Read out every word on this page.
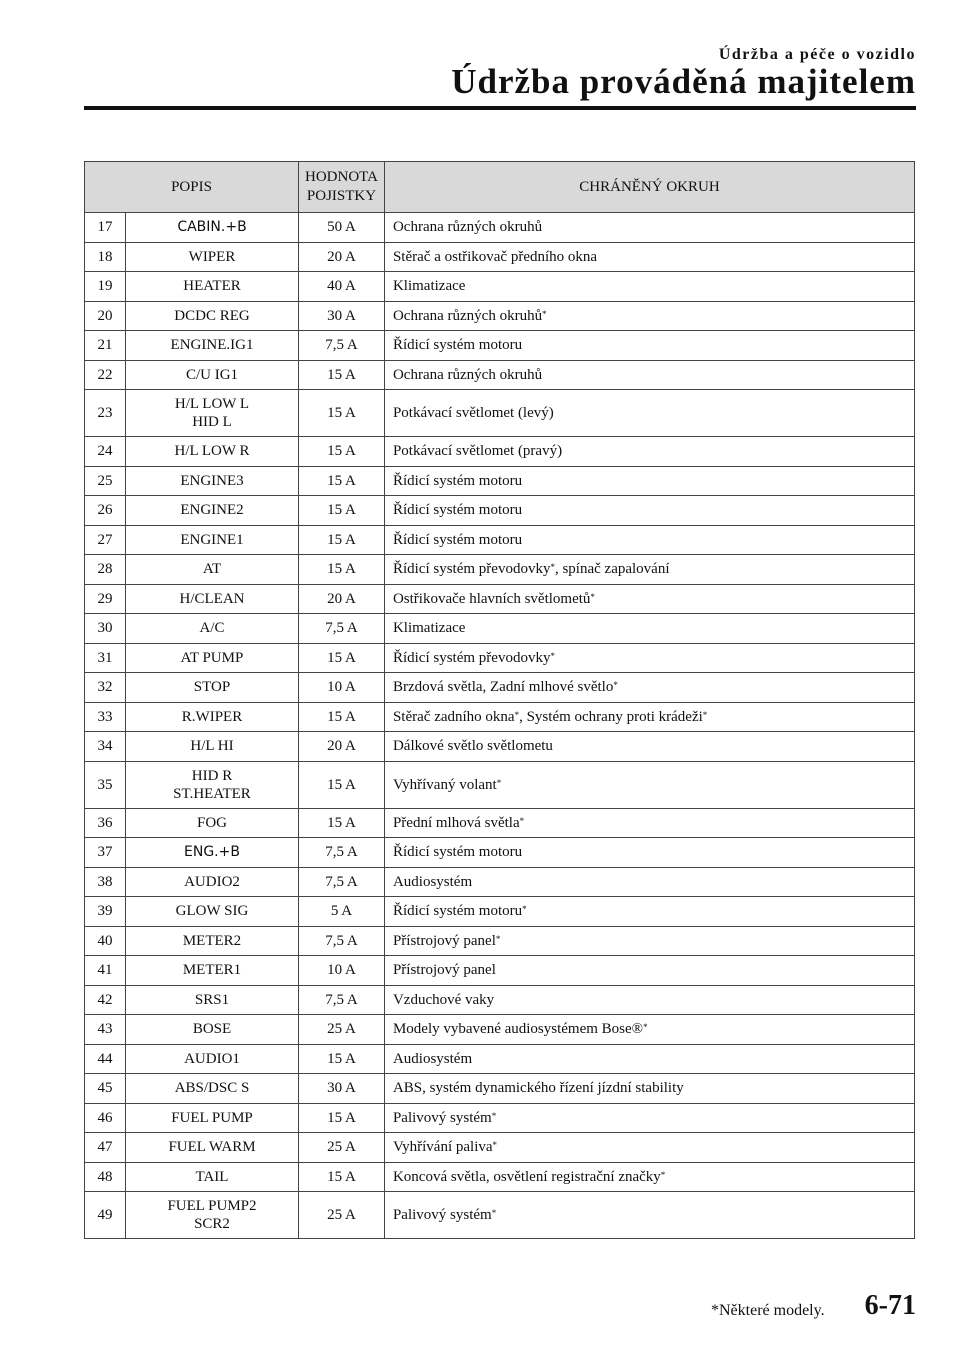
Údržba a péče o vozidlo
Údržba prováděná majitelem
POPIS		HODNOTA
POJISTKY	CHRÁNĚNÝ OKRUH
17	CABIN.+B	50 A	Ochrana různých okruhů
18	WIPER	20 A	Stěrač a ostřikovač předního okna
19	HEATER	40 A	Klimatizace
20	DCDC REG	30 A	Ochrana různých okruhů*
21	ENGINE.IG1	7,5 A	Řídicí systém motoru
22	C/U IG1	15 A	Ochrana různých okruhů
23	H/L LOW L
HID L	15 A	Potkávací světlomet (levý)
24	H/L LOW R	15 A	Potkávací světlomet (pravý)
25	ENGINE3	15 A	Řídicí systém motoru
26	ENGINE2	15 A	Řídicí systém motoru
27	ENGINE1	15 A	Řídicí systém motoru
28	AT	15 A	Řídicí systém převodovky*, spínač zapalování
29	H/CLEAN	20 A	Ostřikovače hlavních světlometů*
30	A/C	7,5 A	Klimatizace
31	AT PUMP	15 A	Řídicí systém převodovky*
32	STOP	10 A	Brzdová světla, Zadní mlhové světlo*
33	R.WIPER	15 A	Stěrač zadního okna*, Systém ochrany proti krádeži*
34	H/L HI	20 A	Dálkové světlo světlometu
35	HID R
ST.HEATER	15 A	Vyhřívaný volant*
36	FOG	15 A	Přední mlhová světla*
37	ENG.+B	7,5 A	Řídicí systém motoru
38	AUDIO2	7,5 A	Audiosystém
39	GLOW SIG	5 A	Řídicí systém motoru*
40	METER2	7,5 A	Přístrojový panel*
41	METER1	10 A	Přístrojový panel
42	SRS1	7,5 A	Vzduchové vaky
43	BOSE	25 A	Modely vybavené audiosystémem Bose®*
44	AUDIO1	15 A	Audiosystém
45	ABS/DSC S	30 A	ABS, systém dynamického řízení jízdní stability
46	FUEL PUMP	15 A	Palivový systém*
47	FUEL WARM	25 A	Vyhřívání paliva*
48	TAIL	15 A	Koncová světla, osvětlení registrační značky*
49	FUEL PUMP2
SCR2	25 A	Palivový systém*
*Některé modely. 6-71
